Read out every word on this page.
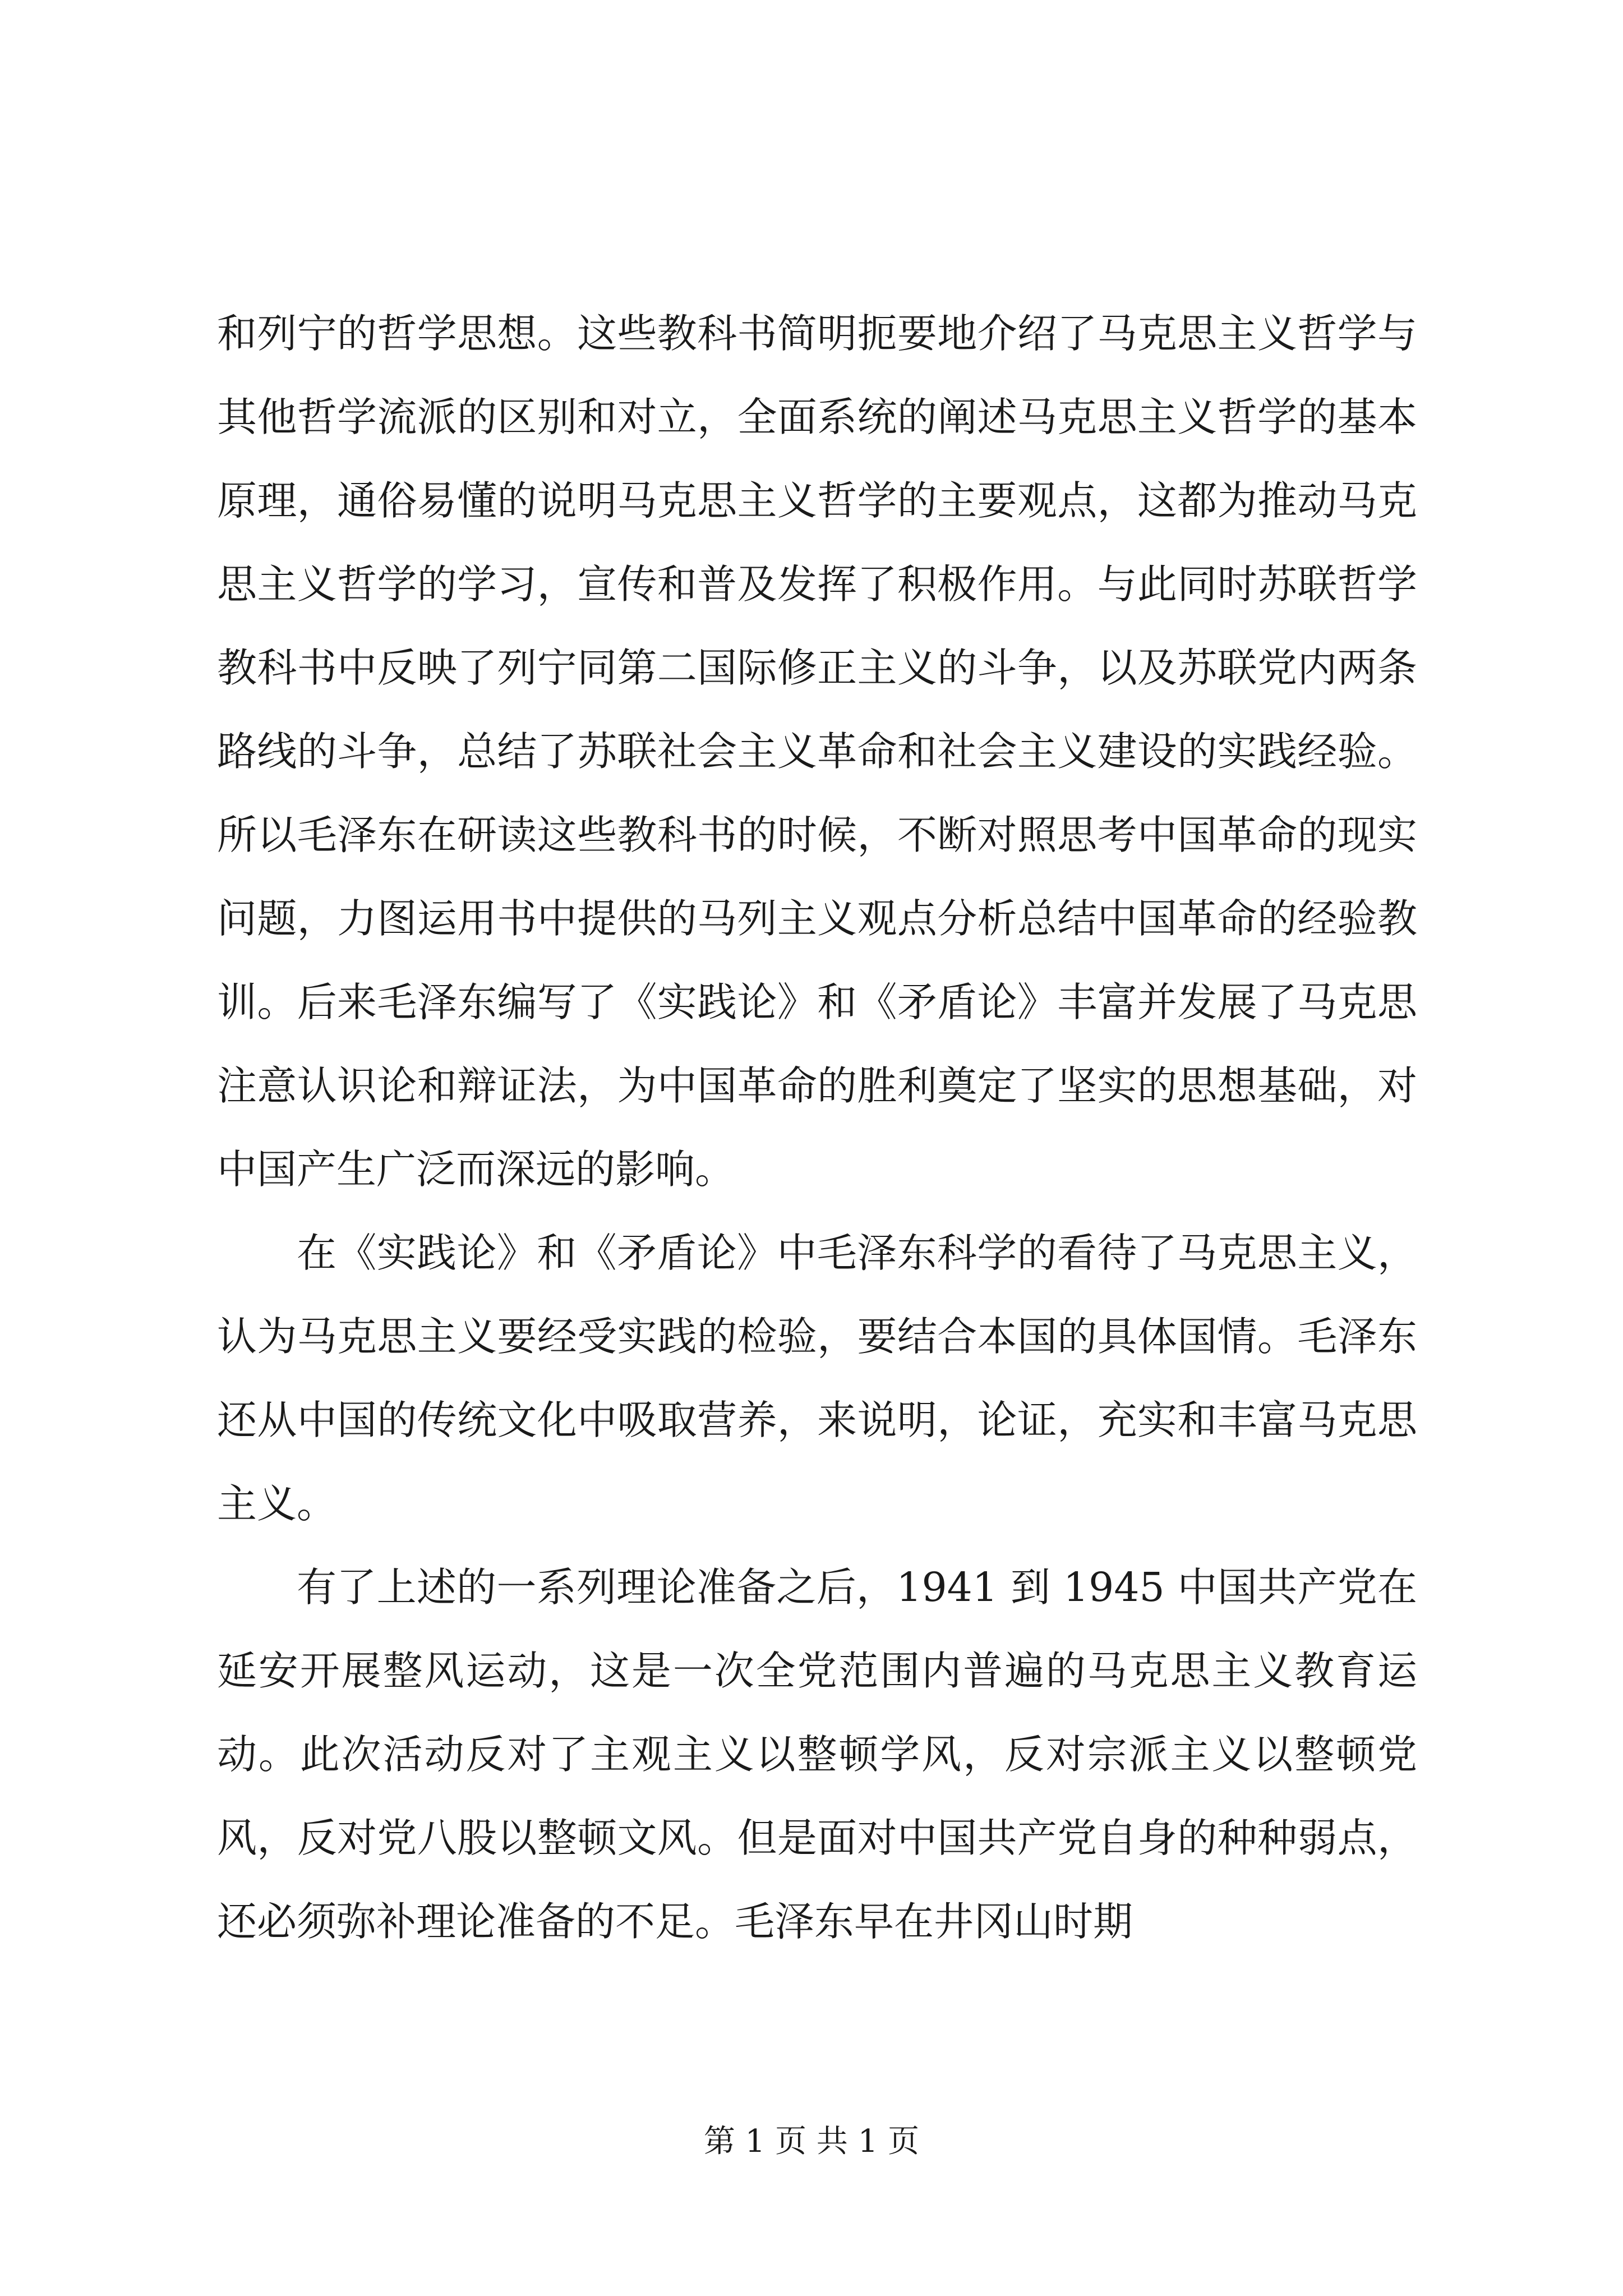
和列宁的哲学思想。这些教科书简明扼要地介绍了马克思主义哲学与其他哲学流派的区别和对立，全面系统的阐述马克思主义哲学的基本原理，通俗易懂的说明马克思主义哲学的主要观点，这都为推动马克思主义哲学的学习，宣传和普及发挥了积极作用。与此同时苏联哲学教科书中反映了列宁同第二国际修正主义的斗争，以及苏联党内两条路线的斗争，总结了苏联社会主义革命和社会主义建设的实践经验。所以毛泽东在研读这些教科书的时候，不断对照思考中国革命的现实问题，力图运用书中提供的马列主义观点分析总结中国革命的经验教训。后来毛泽东编写了《实践论》和《矛盾论》丰富并发展了马克思注意认识论和辩证法，为中国革命的胜利奠定了坚实的思想基础，对中国产生广泛而深远的影响。

在《实践论》和《矛盾论》中毛泽东科学的看待了马克思主义，认为马克思主义要经受实践的检验，要结合本国的具体国情。毛泽东还从中国的传统文化中吸取营养，来说明，论证，充实和丰富马克思主义。

有了上述的一系列理论准备之后，1941 到 1945 中国共产党在延安开展整风运动，这是一次全党范围内普遍的马克思主义教育运动。此次活动反对了主观主义以整顿学风，反对宗派主义以整顿党风，反对党八股以整顿文风。但是面对中国共产党自身的种种弱点，还必须弥补理论准备的不足。毛泽东早在井冈山时期

第 1 页 共 1 页
